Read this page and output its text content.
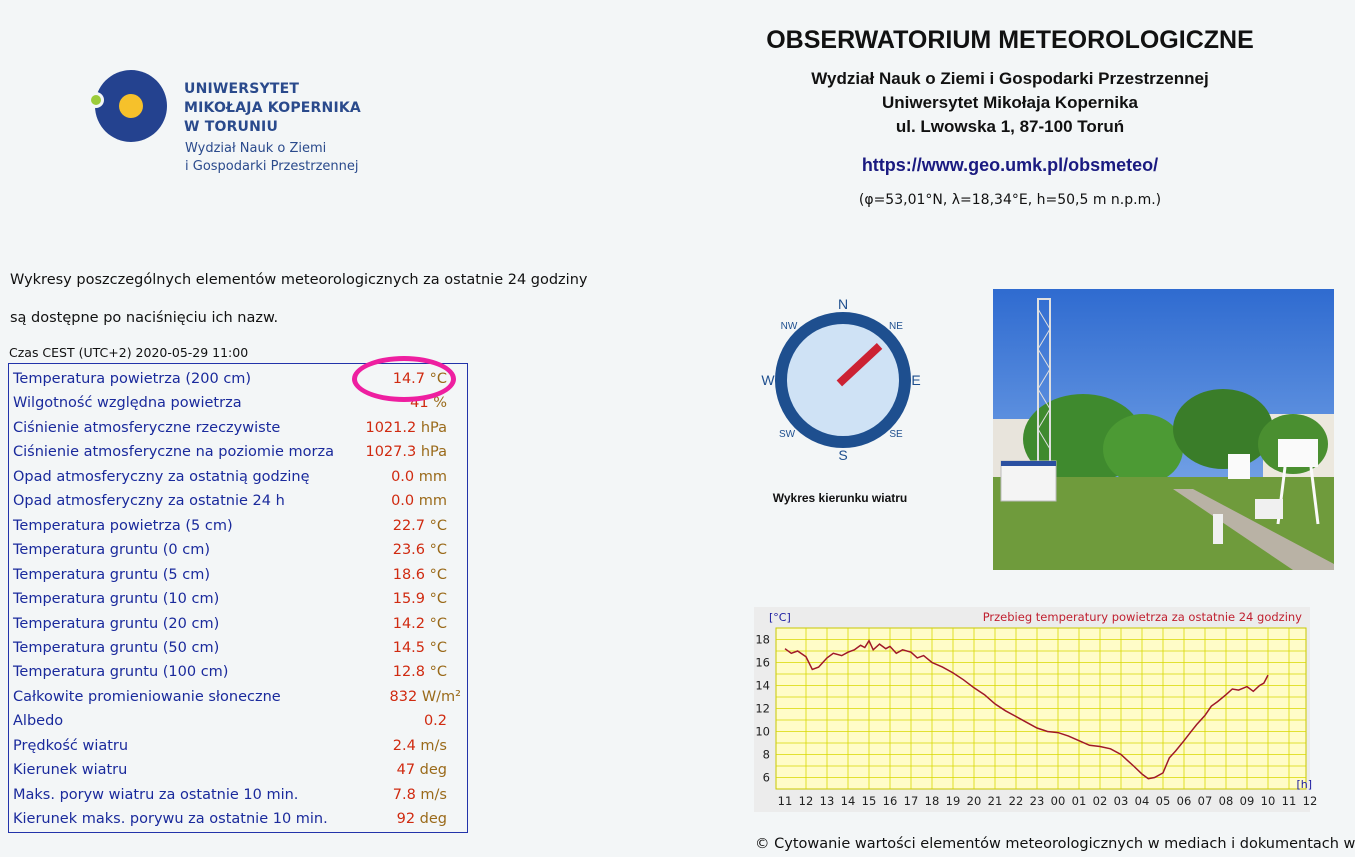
UNIWERSYTET
MIKOŁAJA KOPERNIKA
W TORUNIU
Wydział Nauk o Ziemi
i Gospodarki Przestrzennej
OBSERWATORIUM METEOROLOGICZNE
Wydział Nauk o Ziemi i Gospodarki Przestrzennej
Uniwersytet Mikołaja Kopernika
ul. Lwowska 1, 87-100 Toruń
https://www.geo.umk.pl/obsmeteo/
(φ=53,01°N, λ=18,34°E, h=50,5 m n.p.m.)
Wykresy poszczególnych elementów meteorologicznych za ostatnie 24 godziny
są dostępne po naciśnięciu ich nazw.
Czas CEST (UTC+2) 2020-05-29 11:00
Temperatura powietrza (200 cm)	14.7 °C
Wilgotność względna powietrza	41 %
Ciśnienie atmosferyczne rzeczywiste	1021.2 hPa
Ciśnienie atmosferyczne na poziomie morza	1027.3 hPa
Opad atmosferyczny za ostatnią godzinę	0.0 mm
Opad atmosferyczny za ostatnie 24 h	0.0 mm
Temperatura powietrza (5 cm)	22.7 °C
Temperatura gruntu (0 cm)	23.6 °C
Temperatura gruntu (5 cm)	18.6 °C
Temperatura gruntu (10 cm)	15.9 °C
Temperatura gruntu (20 cm)	14.2 °C
Temperatura gruntu (50 cm)	14.5 °C
Temperatura gruntu (100 cm)	12.8 °C
Całkowite promieniowanie słoneczne	832 W/m²
Albedo	0.2
Prędkość wiatru	2.4 m/s
Kierunek wiatru	47 deg
Maks. poryw wiatru za ostatnie 10 min.	7.8 m/s
Kierunek maks. porywu za ostatnie 10 min.	92 deg
N
S
W	E
NW	NE
SW	SE
Wykres kierunku wiatru
6
8
10
12
14
16
18
11 12 13 14 15 16 17 18 19 20 21 22 23 00 01 02 03 04 05 06 07 08 09 10 11 12
[°C]	Przebieg temperatury powietrza za ostatnie 24 godziny
[h]
© Cytowanie wartości elementów meteorologicznych w mediach i dokumentach w
